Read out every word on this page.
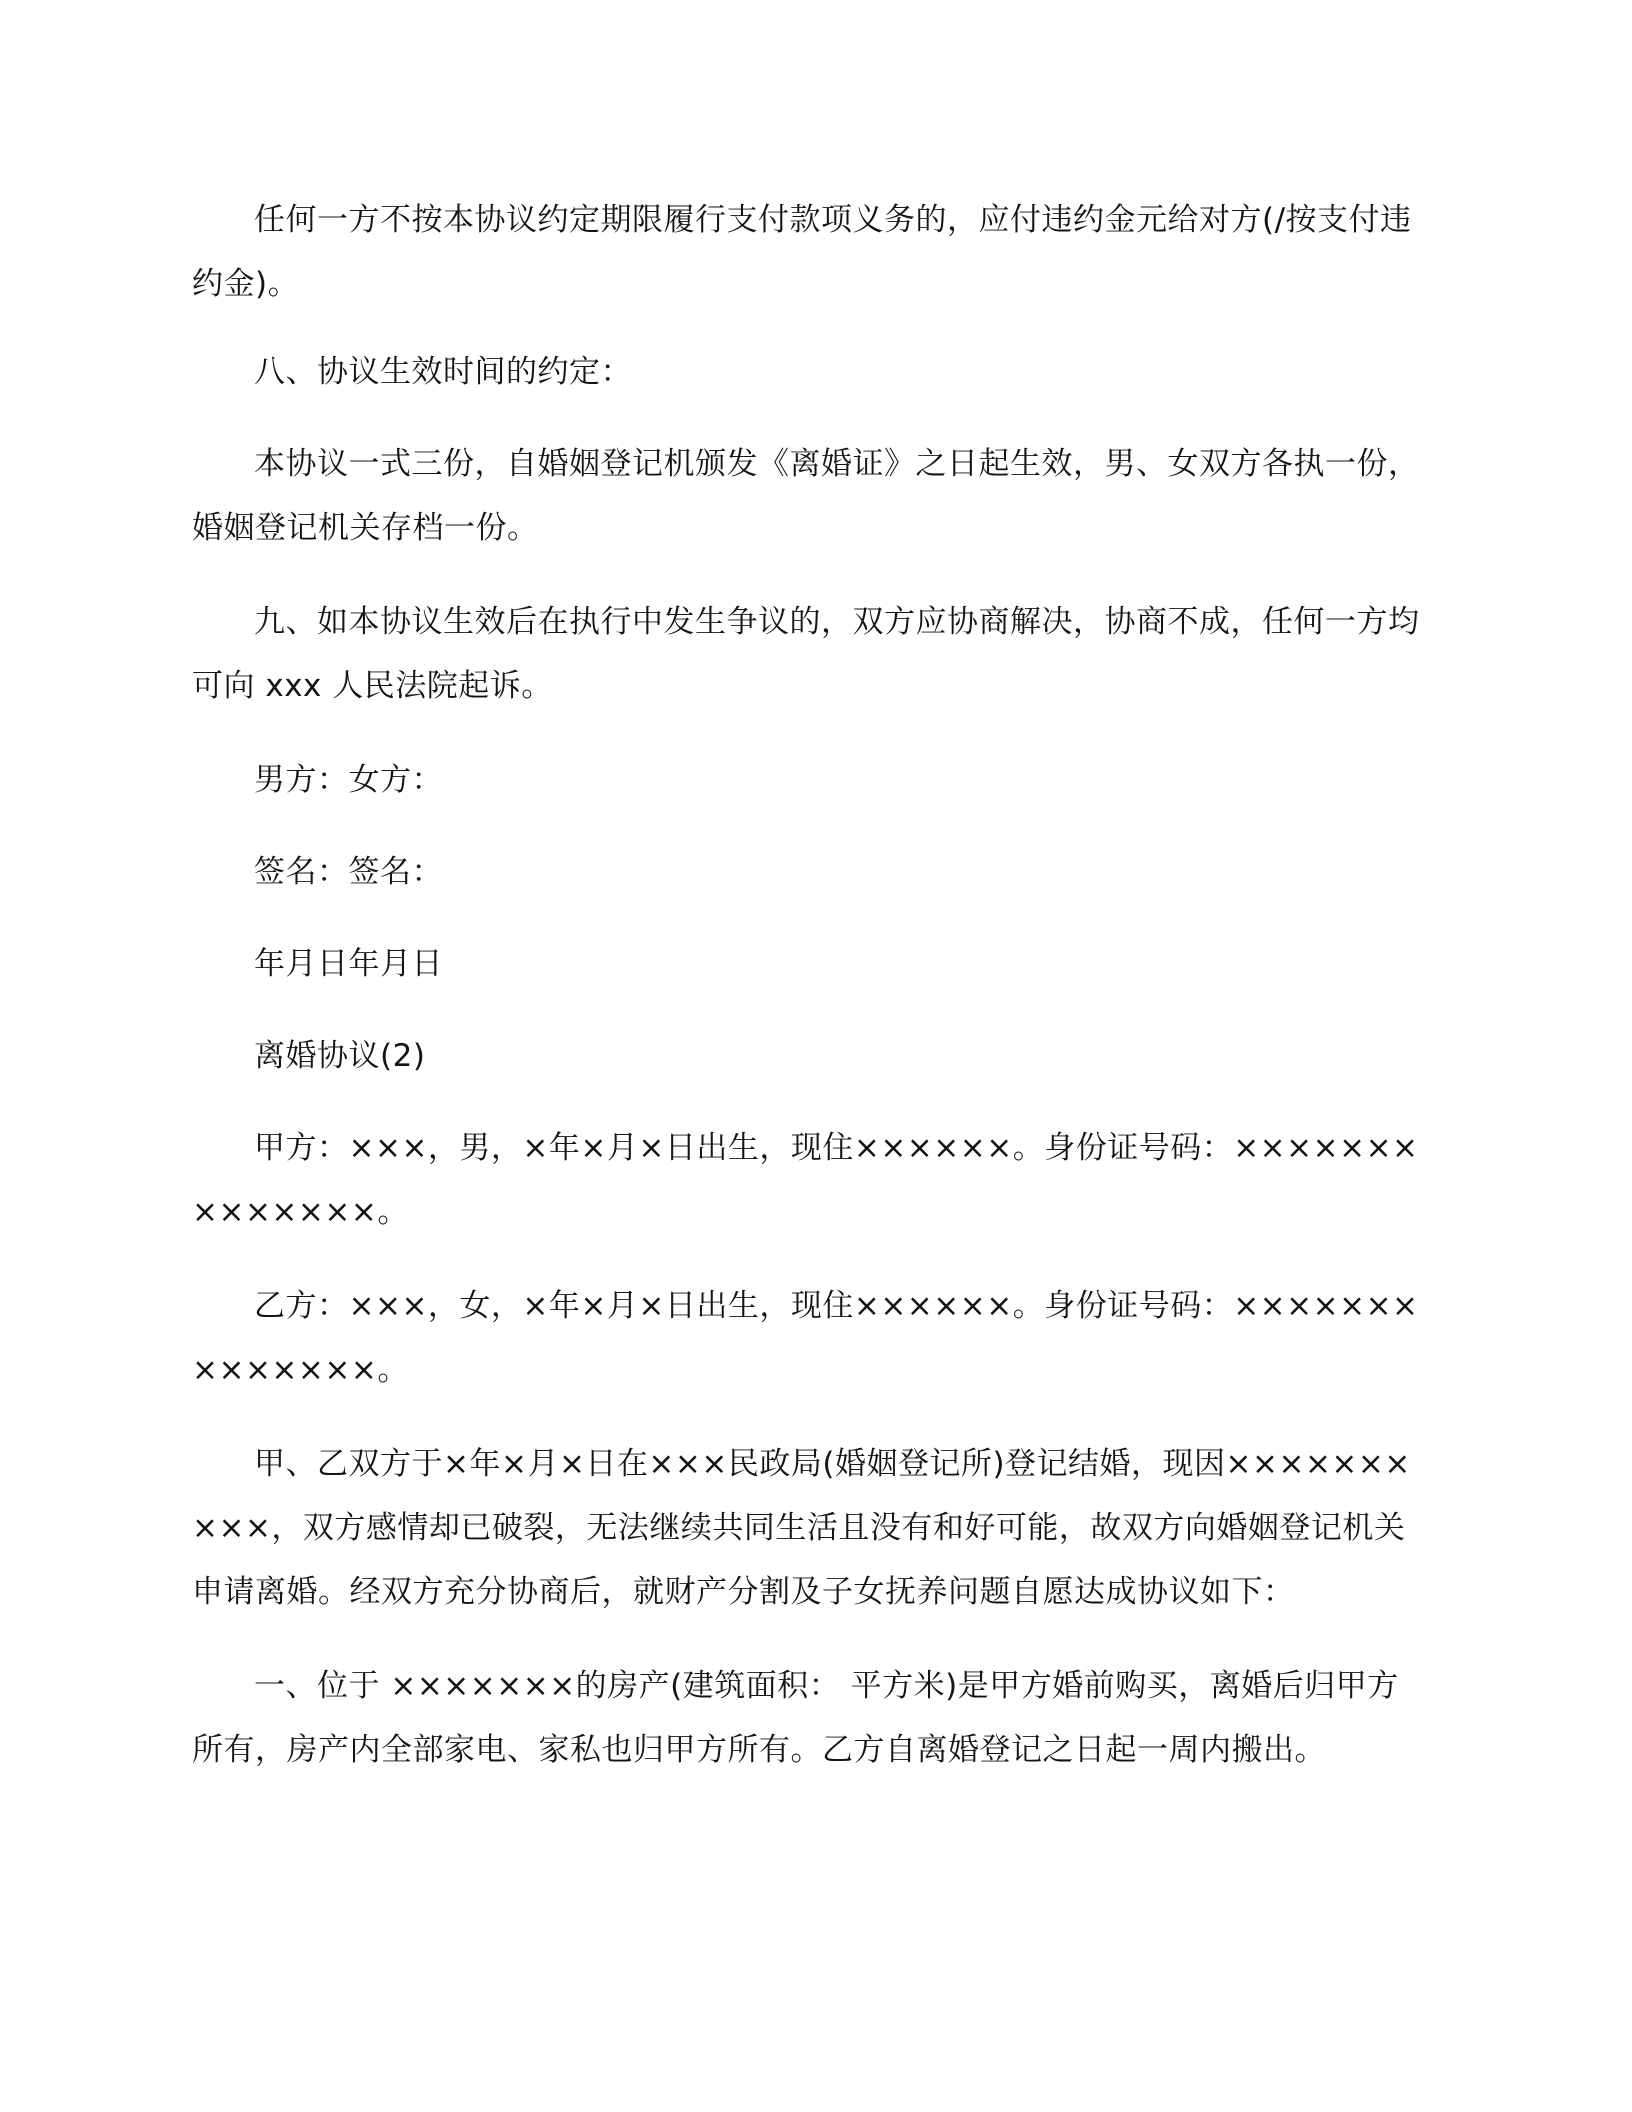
任何一方不按本协议约定期限履行支付款项义务的，应付违约金元给对方(/按支付违约金)。

八、协议生效时间的约定：

本协议一式三份，自婚姻登记机颁发《离婚证》之日起生效，男、女双方各执一份，婚姻登记机关存档一份。

九、如本协议生效后在执行中发生争议的，双方应协商解决，协商不成，任何一方均可向 xxx 人民法院起诉。

男方：女方：

签名：签名：

年月日年月日

离婚协议(2)

甲方：×××，男，×年×月×日出生，现住××××××。身份证号码：××××××××××××××。

乙方：×××，女，×年×月×日出生，现住××××××。身份证号码：××××××××××××××。

甲、乙双方于×年×月×日在×××民政局(婚姻登记所)登记结婚，现因××××××××××，双方感情却已破裂，无法继续共同生活且没有和好可能，故双方向婚姻登记机关申请离婚。经双方充分协商后，就财产分割及子女抚养问题自愿达成协议如下：

一、位于 ×××××××的房产(建筑面积： 平方米)是甲方婚前购买，离婚后归甲方所有，房产内全部家电、家私也归甲方所有。乙方自离婚登记之日起一周内搬出。
